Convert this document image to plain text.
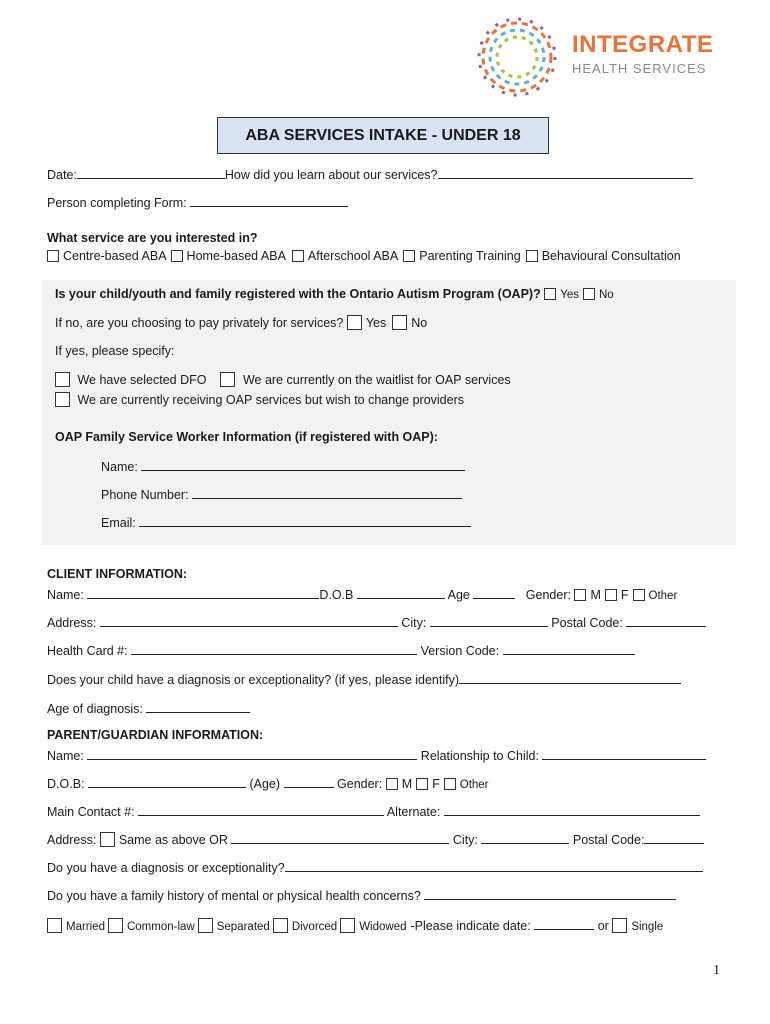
INTEGRATE
HEALTH SERVICES
ABA SERVICES INTAKE - UNDER 18
Date:	How did you learn about our services?
Person completing Form:
What service are you interested in?
Centre-based ABA Home-based ABA Afterschool ABA Parenting Training Behavioural Consultation
Is your child/youth and family registered with the Ontario Autism Program (OAP)? Yes No
If no, are you choosing to pay privately for services? Yes No
If yes, please specify:
We have selected DFO	We are currently on the waitlist for OAP services
We are currently receiving OAP services but wish to change providers
OAP Family Service Worker Information (if registered with OAP):
Name:
Phone Number:
Email:
CLIENT INFORMATION:
Name:	D.O.B	Age	Gender: M F Other
Address:	City:	Postal Code:
Health Card #:	Version Code:
Does your child have a diagnosis or exceptionality? (if yes, please identify)
Age of diagnosis:
PARENT/GUARDIAN INFORMATION:
Name:	Relationship to Child:
D.O.B:	(Age)	Gender: M F Other
Main Contact #:	Alternate:
Address: Same as above OR	City:	Postal Code:
Do you have a diagnosis or exceptionality?
Do you have a family history of mental or physical health concerns?
Married Common-law Separated Divorced Widowed -Please indicate date:	or Single
1
